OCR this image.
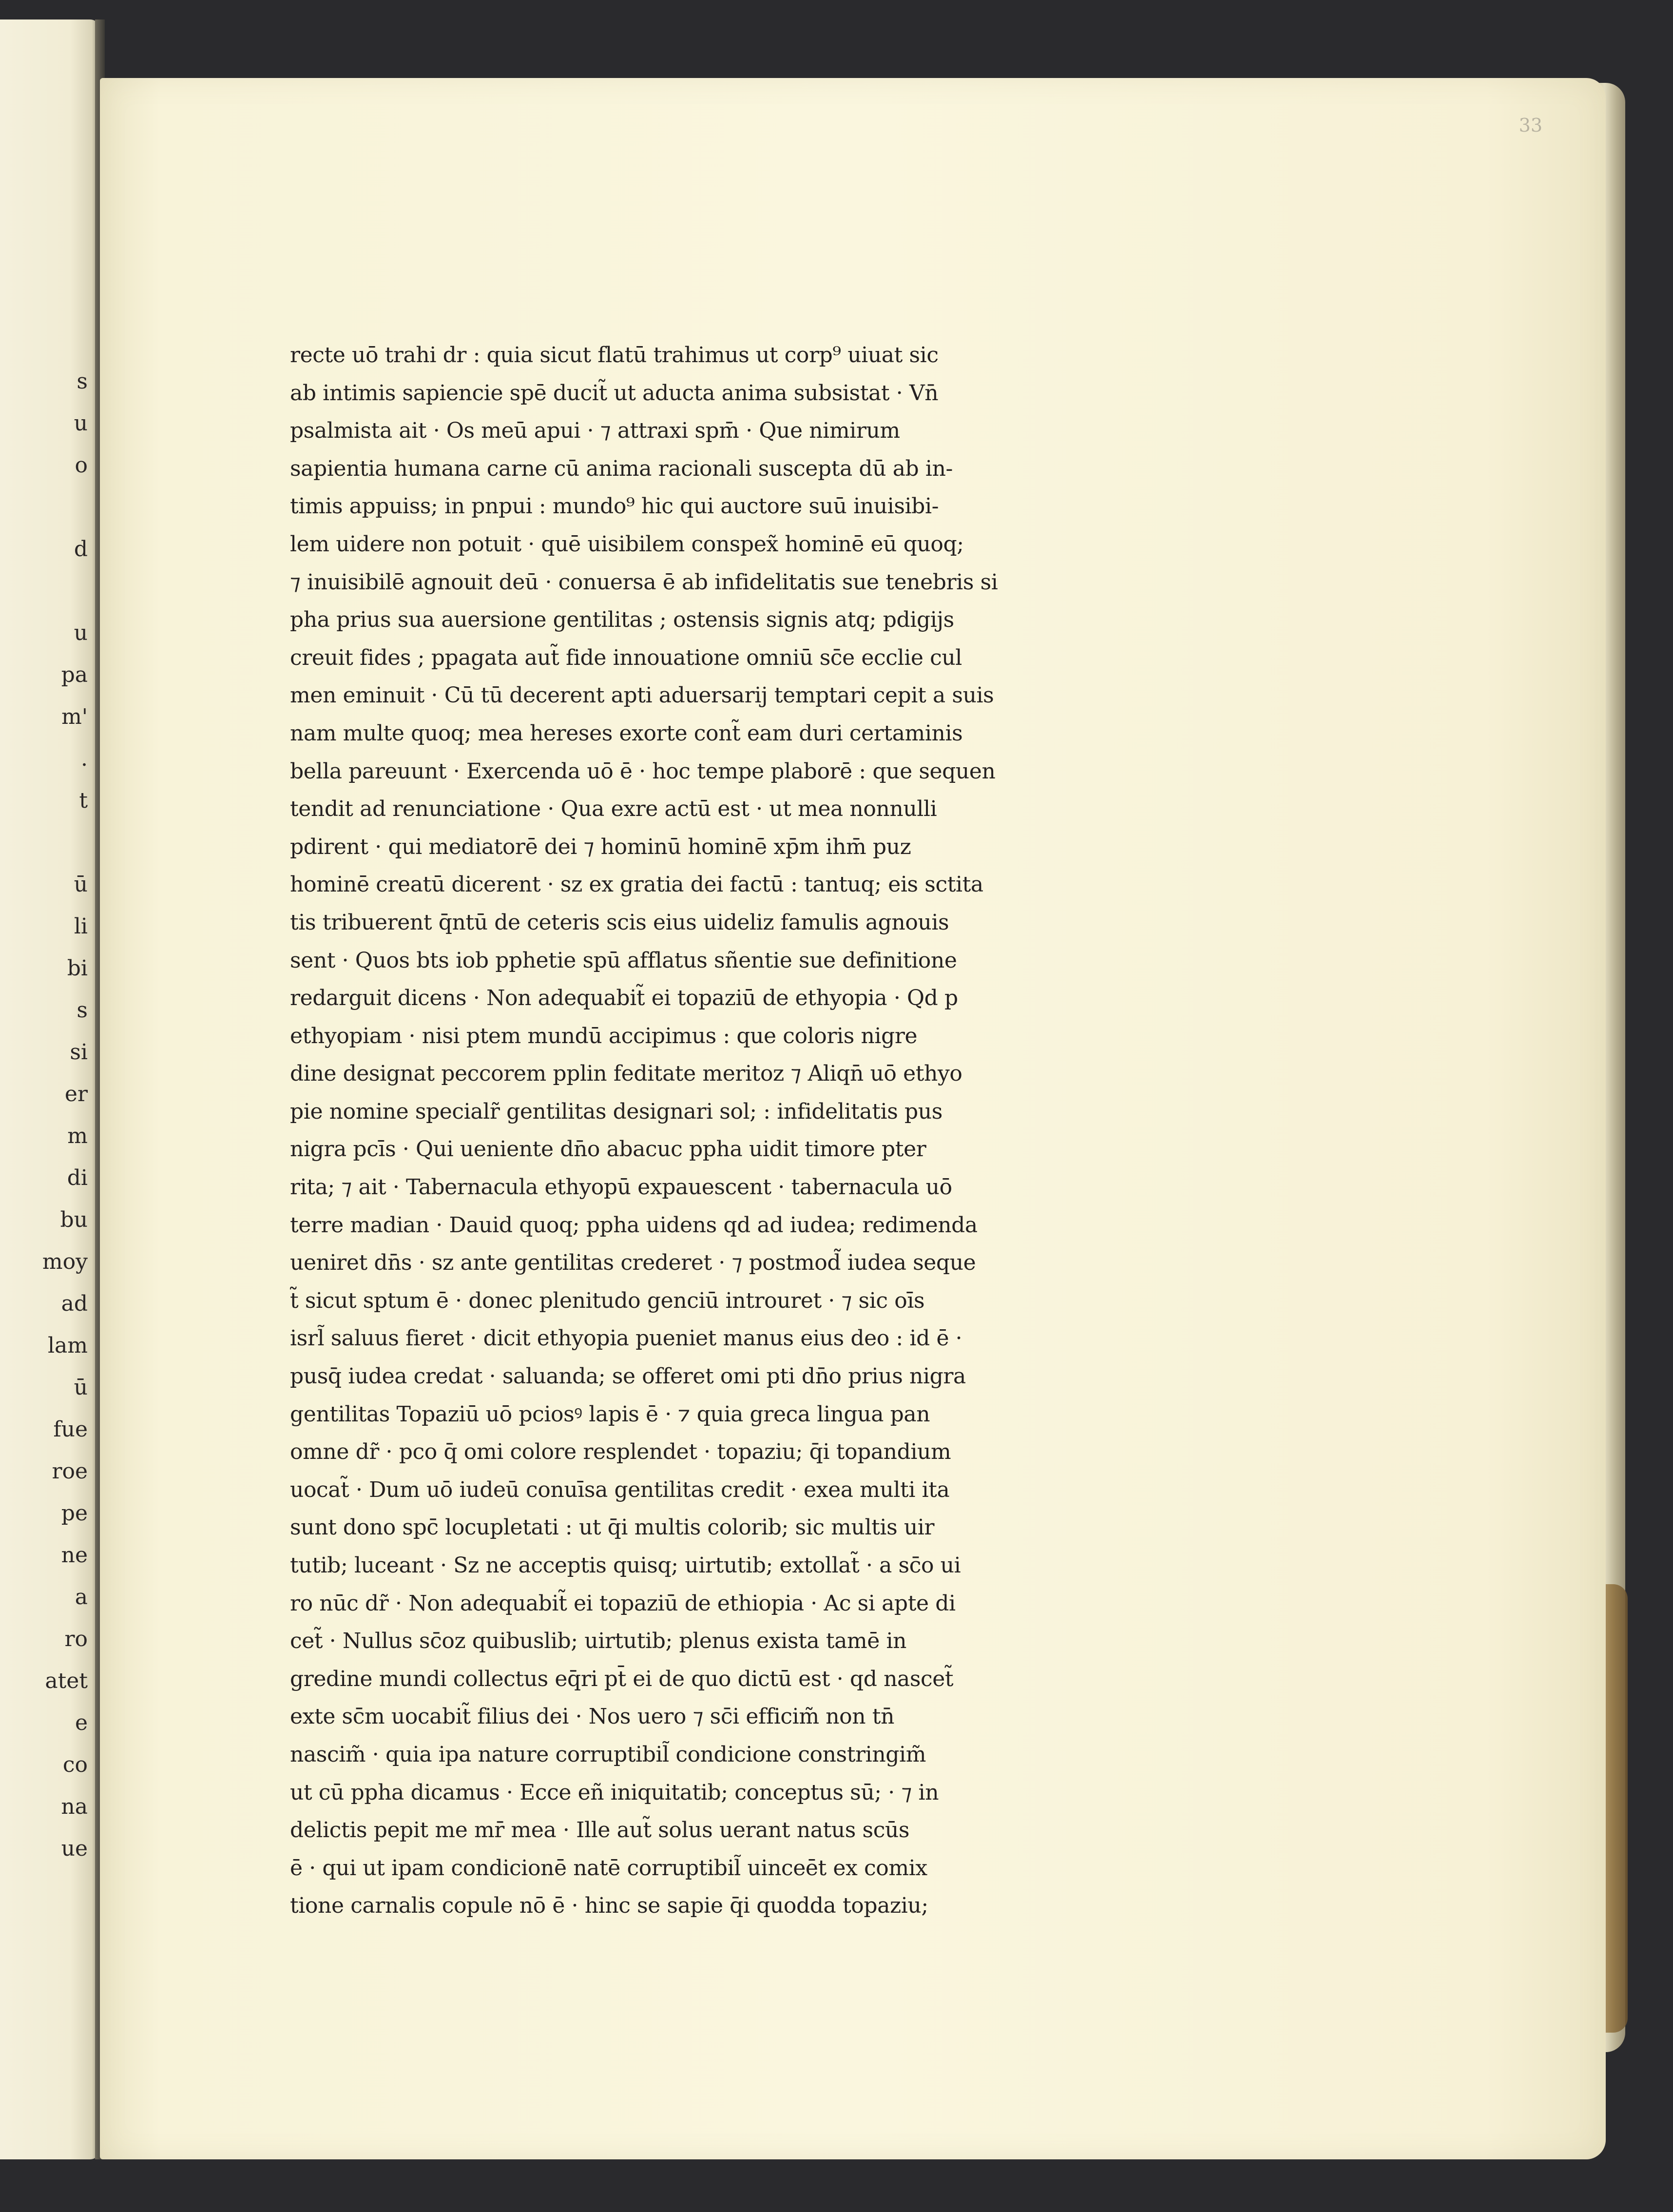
s
u
o
d
u
pa
m'
.
t
ū
li
bi
s
si
er
m
di
bu
moy
ad
lam
ū
fue
roe
pe
ne
a
ro
atet
e
co
na
ue
33
recte uō trahi dr : quia sicut flatū trahimus ut corp⁹ uiuat sic
ab intimis sapiencie spē ducit̃ ut aducta anima subsistat · Vn̄
psalmista ait · Os meū apui · ⁊ attraxi spm̄ · Que nimirum
sapientia humana carne cū anima racionali suscepta dū ab in-
timis appuiss; in pnpui : mundo⁹ hic qui auctore suū inuisibi-
lem uidere non potuit · quē uisibilem conspex̃ hominē eū quoq;
⁊ inuisibilē agnouit deū · conuersa ē ab infidelitatis sue tenebris si
pha prius sua auersione gentilitas ; ostensis signis atq; pdigijs
creuit fides ; ppagata aut̃ fide innouatione omniū sc̄e ecclie cul
men eminuit · Cū tū decerent apti aduersarij temptari cepit a suis
nam multe quoq; mea hereses exorte cont̃ eam duri certaminis
bella pareuunt · Exercenda uō ē · hoc tempe plaborē : que sequen
tendit ad renunciatione · Qua exre actū est · ut mea nonnulli
pdirent · qui mediatorē dei ⁊ hominū hominē xp̄m ihm̄ puz
hominē creatū dicerent · sz ex gratia dei factū : tantuq; eis sctita
tis tribuerent q̄ntū de ceteris scis eius uideliz famulis agnouis
sent · Quos bts iob pphetie spū afflatus sñentie sue definitione
redarguit dicens · Non adequabit̃ ei topaziū de ethyopia · Qd p
ethyopiam · nisi ptem mundū accipimus : que coloris nigre
dine designat peccorem pplin feditate meritoz ⁊ Aliqn̄ uō ethyo
pie nomine specialr̃ gentilitas designari sol; : infidelitatis pus
nigra pcīs · Qui ueniente dn̄o abacuc ppha uidit timore pter
rita; ⁊ ait · Tabernacula ethyopū expauescent · tabernacula uō
terre madian · Dauid quoq; ppha uidens qd ad iudea; redimenda
ueniret dn̄s · sz ante gentilitas crederet · ⁊ postmod̃ iudea seque
t̃ sicut sptum ē · donec plenitudo genciū introuret · ⁊ sic oīs
isrl̃ saluus fieret · dicit ethyopia pueniet manus eius deo : id ē ·
pusq̄ iudea credat · saluanda; se offeret omi pti dn̄o prius nigra
gentilitas Topaziū uō pciosꝰ lapis ē · ⁊ quia greca lingua pan
omne dr̃ · pco q̄ omi colore resplendet · topaziu; q̄i topandium
uocat̃ · Dum uō iudeū conuīsa gentilitas credit · exea multi ita
sunt dono spc̄ locupletati : ut q̄i multis colorib; sic multis uir
tutib; luceant · Sz ne acceptis quisq; uirtutib; extollat̃ · a sc̄o ui
ro nūc dr̃ · Non adequabit̃ ei topaziū de ethiopia · Ac si apte di
cet̃ · Nullus sc̄oz quibuslib; uirtutib; plenus exista tamē in
gredine mundi collectus eq̄ri pt̄ ei de quo dictū est · qd nascet̃
exte sc̄m uocabit̃ filius dei · Nos uero ⁊ sc̄i efficim̃ non tn̄
nascim̃ · quia ipa nature corruptibil̃ condicione constringim̃
ut cū ppha dicamus · Ecce eñ iniquitatib; conceptus sū; · ⁊ in
delictis pepit me mr̄ mea · Ille aut̃ solus uerant natus scūs
ē · qui ut ipam condicionē natē corruptibil̃ uinceēt ex comix
tione carnalis copule nō ē · hinc se sapie q̄i quodda topaziu;
